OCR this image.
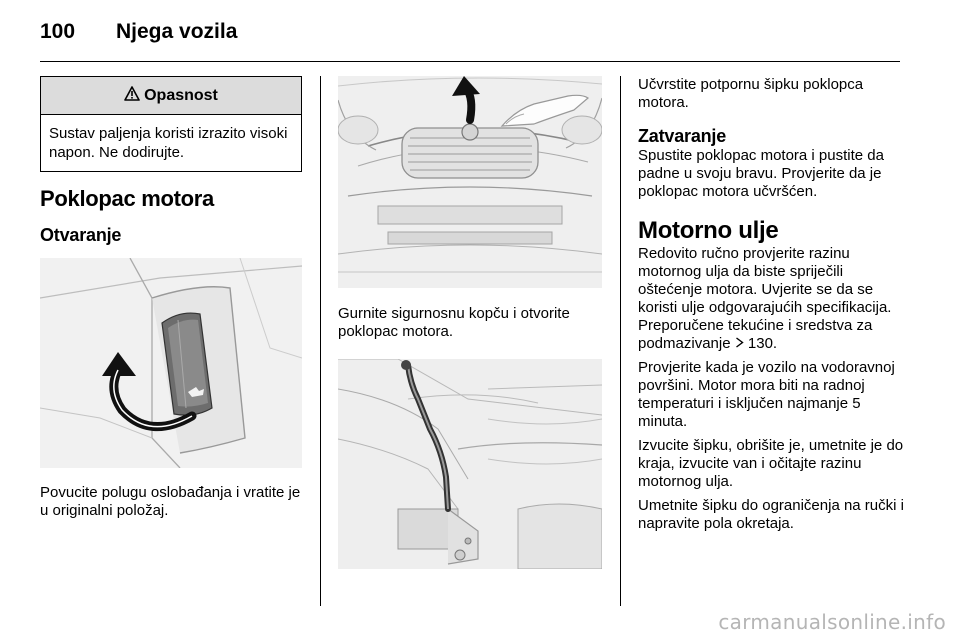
100 Njega vozila
Opasnost
Sustav paljenja koristi izrazito visoki napon. Ne dodirujte.
Poklopac motora
Otvaranje
Povucite polugu oslobađanja i vratite je u originalni položaj.
Gurnite sigurnosnu kopču i otvorite poklopac motora.
Učvrstite potpornu šipku poklopca motora.
Zatvaranje
Spustite poklopac motora i pustite da padne u svoju bravu. Provjerite da je poklopac motora učvršćen.
Motorno ulje
Redovito ručno provjerite razinu motornog ulja da biste spriječili oštećenje motora. Uvjerite se da se koristi ulje odgovarajućih specifikacija. Preporučene tekućine i sredstva za podmazivanje 130.
Provjerite kada je vozilo na vodoravnoj površini. Motor mora biti na radnoj temperaturi i isključen najmanje 5 minuta.
Izvucite šipku, obrišite je, umetnite je do kraja, izvucite van i očitajte razinu motornog ulja.
Umetnite šipku do ograničenja na ručki i napravite pola okretaja.
carmanualsonline.info
